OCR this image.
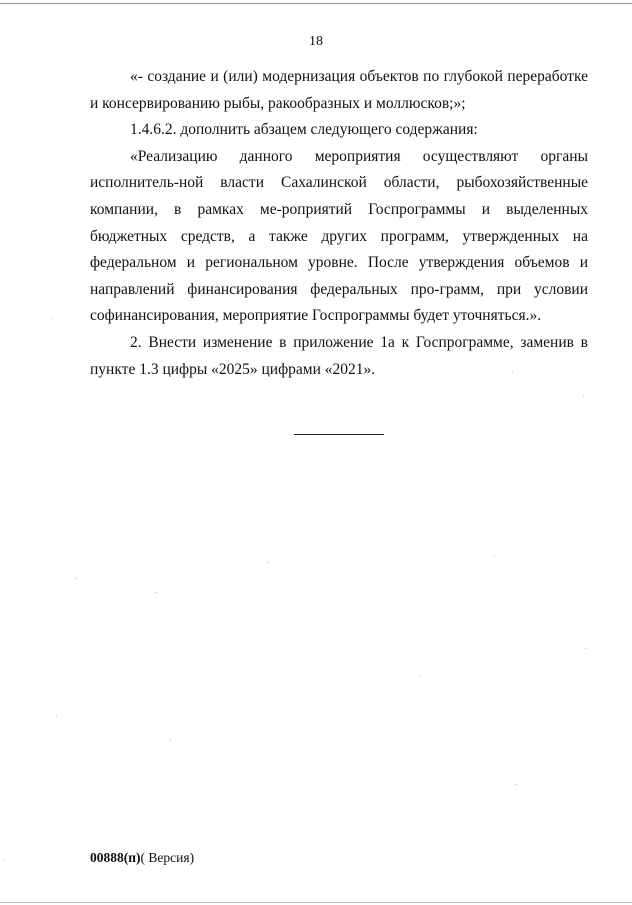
18

«- создание и (или) модернизация объектов по глубокой переработке и консервированию рыбы, ракообразных и моллюсков;»;

1.4.6.2. дополнить абзацем следующего содержания:

«Реализацию данного мероприятия осуществляют органы исполнитель-ной власти Сахалинской области, рыбохозяйственные компании, в рамках ме-роприятий Госпрограммы и выделенных бюджетных средств, а также других программ, утвержденных на федеральном и региональном уровне. После утверждения объемов и направлений финансирования федеральных про-грамм, при условии софинансирования, мероприятие Госпрограммы будет уточняться.».

2. Внести изменение в приложение 1а к Госпрограмме, заменив в пункте 1.3 цифры «2025» цифрами «2021».

00888(п)( Версия)
